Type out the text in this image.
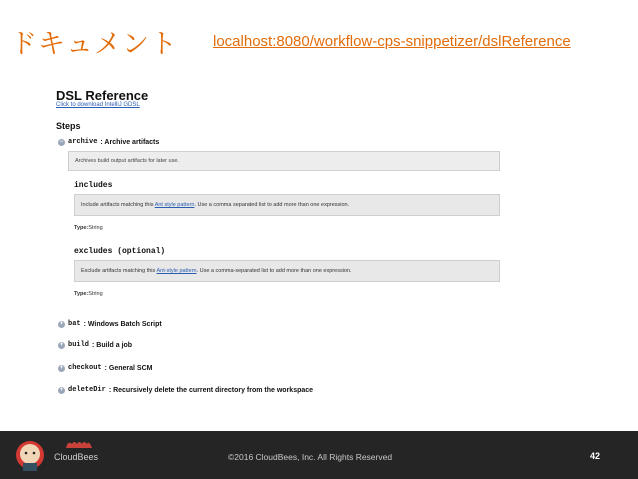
ドキュメント localhost:8080/workflow-cps-snippetizer/dslReference
DSL Reference
Click to download IntelliJ GDSL
Steps
− archive : Archive artifacts
Archives build output artifacts for later use.
includes
Include artifacts matching this Ant style pattern. Use a comma separated list to add more than one expression.
Type:String
excludes (optional)
Exclude artifacts matching this Ant-style pattern. Use a comma-separated list to add more than one expression.
Type:String
+ bat : Windows Batch Script
+ build : Build a job
+ checkout : General SCM
+ deleteDir : Recursively delete the current directory from the workspace
CloudBees	©2016 CloudBees, Inc. All Rights Reserved	42
